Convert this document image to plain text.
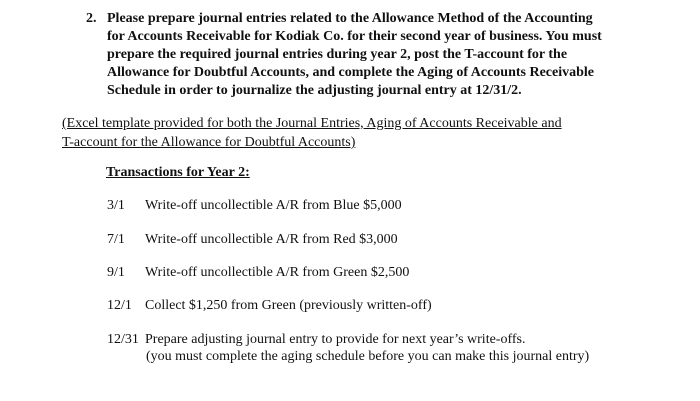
2. Please prepare journal entries related to the Allowance Method of the Accounting
for Accounts Receivable for Kodiak Co. for their second year of business. You must
prepare the required journal entries during year 2, post the T-account for the
Allowance for Doubtful Accounts, and complete the Aging of Accounts Receivable
Schedule in order to journalize the adjusting journal entry at 12/31/2.
(Excel template provided for both the Journal Entries, Aging of Accounts Receivable and
T-account for the Allowance for Doubtful Accounts)
Transactions for Year 2:
3/1 Write-off uncollectible A/R from Blue $5,000
7/1 Write-off uncollectible A/R from Red $3,000
9/1 Write-off uncollectible A/R from Green $2,500
12/1 Collect $1,250 from Green (previously written-off)
12/31 Prepare adjusting journal entry to provide for next year’s write-offs.
(you must complete the aging schedule before you can make this journal entry)
